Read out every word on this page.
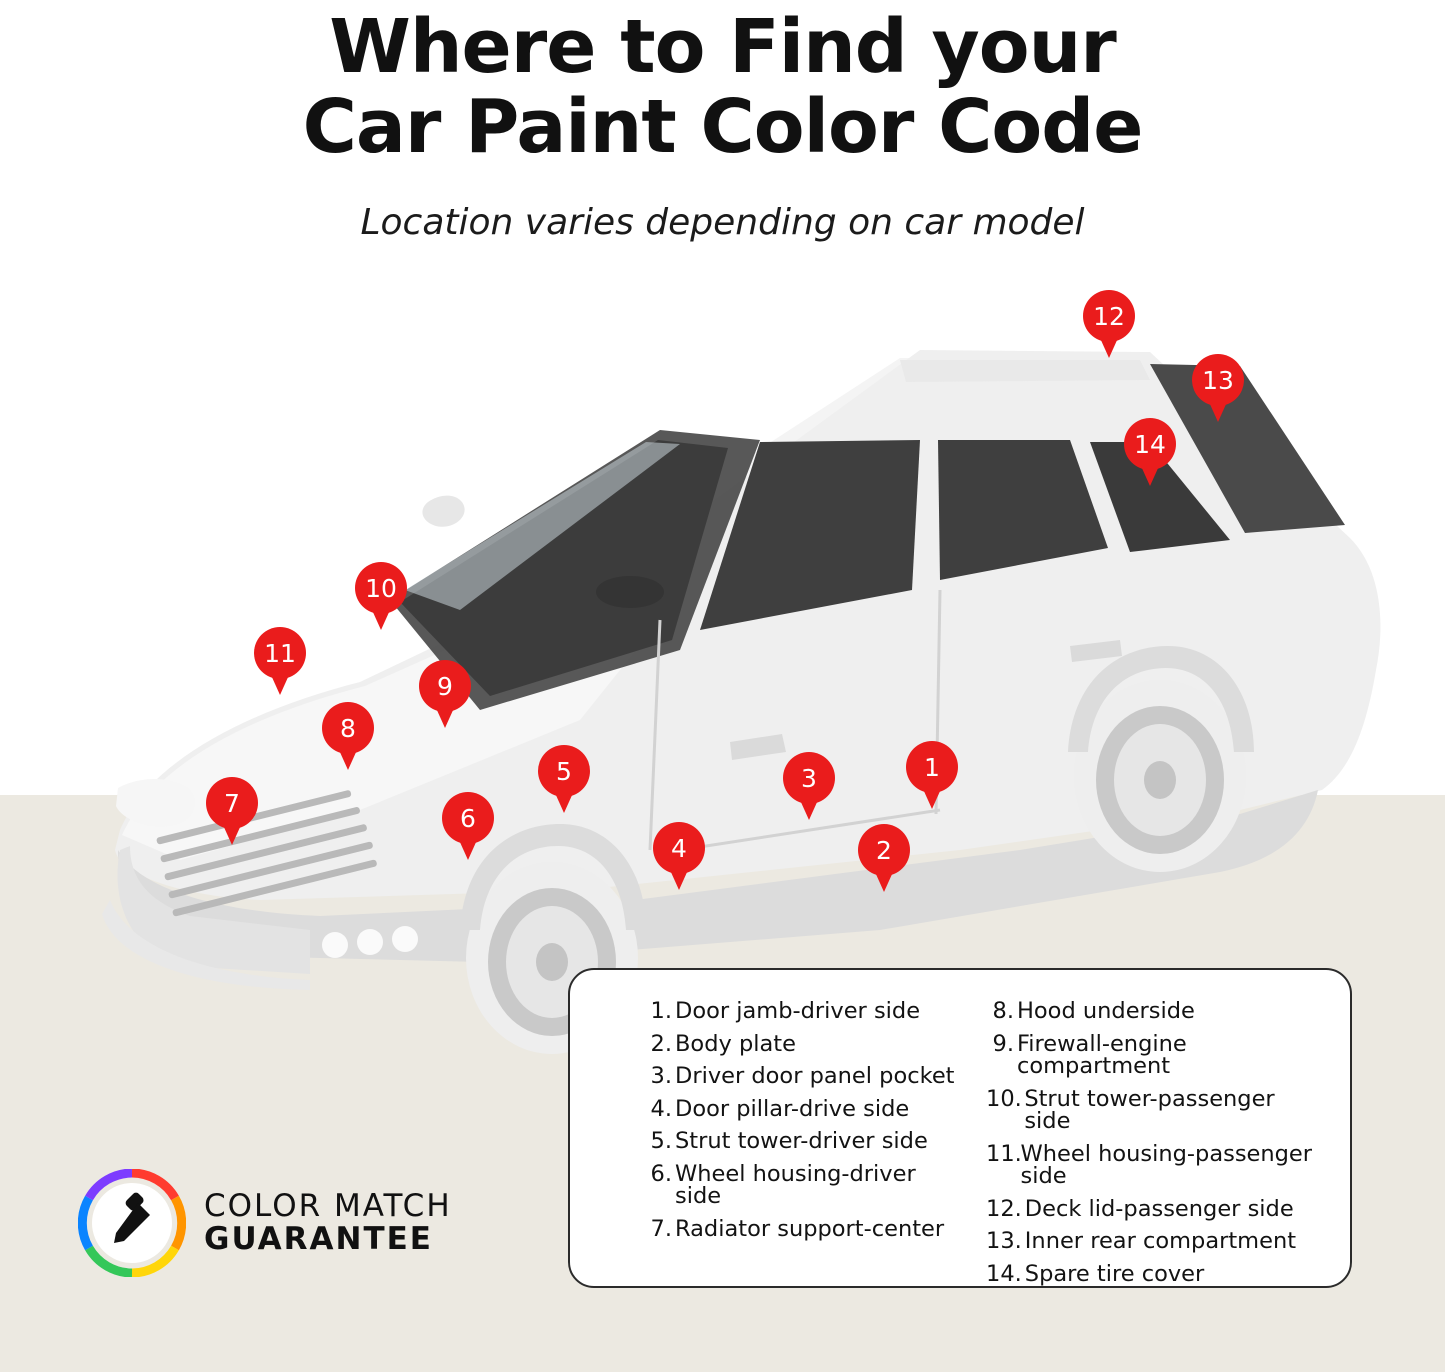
Where to Find your
Car Paint Color Code
Location varies depending on car model
1
2
3
4
5
6
7
8
9
10
11
12
13
14
1. Door jamb-driver side
2. Body plate
3. Driver door panel pocket
4. Door pillar-drive side
5. Strut tower-driver side
6. Wheel housing-driver side
7. Radiator support-center
8. Hood underside
9. Firewall-engine compartment
10. Strut tower-passenger side
11.
Wheel housing-passenger side
12. Deck lid-passenger side
13. Inner rear compartment
14. Spare tire cover
COLOR MATCH
GUARANTEE
